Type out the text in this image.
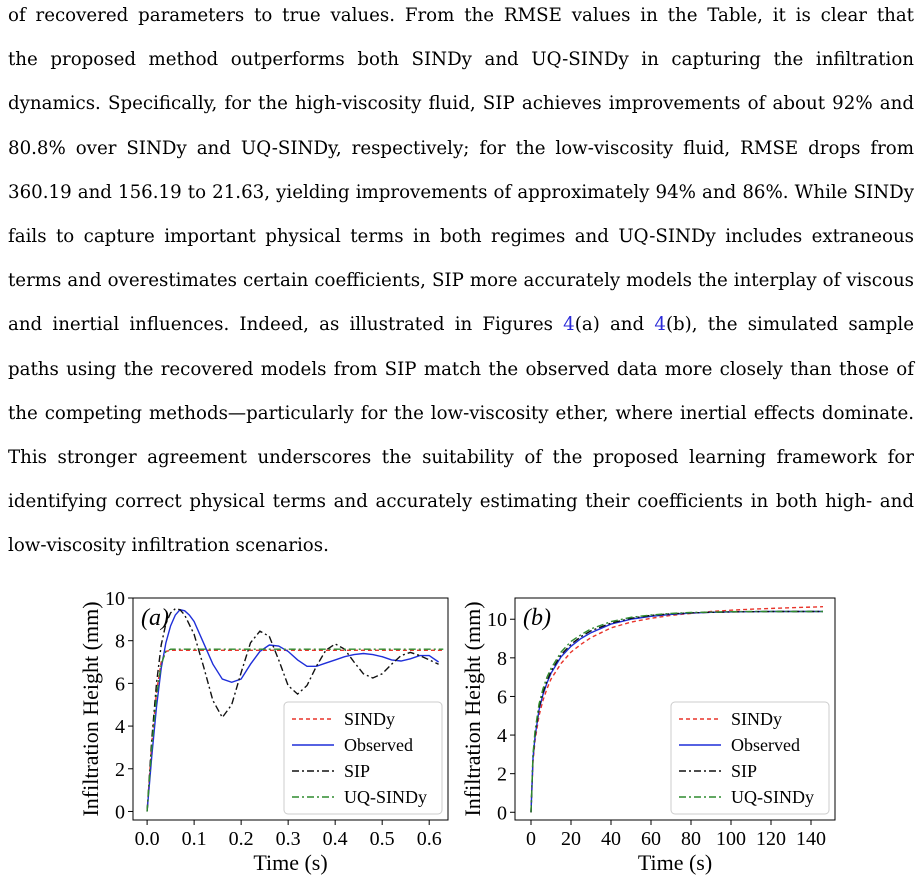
of recovered parameters to true values. From the RMSE values in the Table, it is clear that
the proposed method outperforms both SINDy and UQ-SINDy in capturing the infiltration
dynamics. Specifically, for the high-viscosity fluid, SIP achieves improvements of about 92% and
80.8% over SINDy and UQ-SINDy, respectively; for the low-viscosity fluid, RMSE drops from
360.19 and 156.19 to 21.63, yielding improvements of approximately 94% and 86%. While SINDy
fails to capture important physical terms in both regimes and UQ-SINDy includes extraneous
terms and overestimates certain coefficients, SIP more accurately models the interplay of viscous
and inertial influences. Indeed, as illustrated in Figures 4(a) and 4(b), the simulated sample
paths using the recovered models from SIP match the observed data more closely than those of
the competing methods—particularly for the low-viscosity ether, where inertial effects dominate.
This stronger agreement underscores the suitability of the proposed learning framework for
identifying correct physical terms and accurately estimating their coefficients in both high- and
low-viscosity infiltration scenarios.
0
2
4
6
8
10
0.0 0.1 0.2 0.3 0.4 0.5 0.6
Time (s)
Infiltration Height (mm) (a)
SINDy
Observed
SIP
UQ-SINDy
0
2
4
6
8
10
0 20 40 60 80 100 120 140
Time (s)
Infiltration Height (mm) (b)
SINDy
Observed
SIP
UQ-SINDy
